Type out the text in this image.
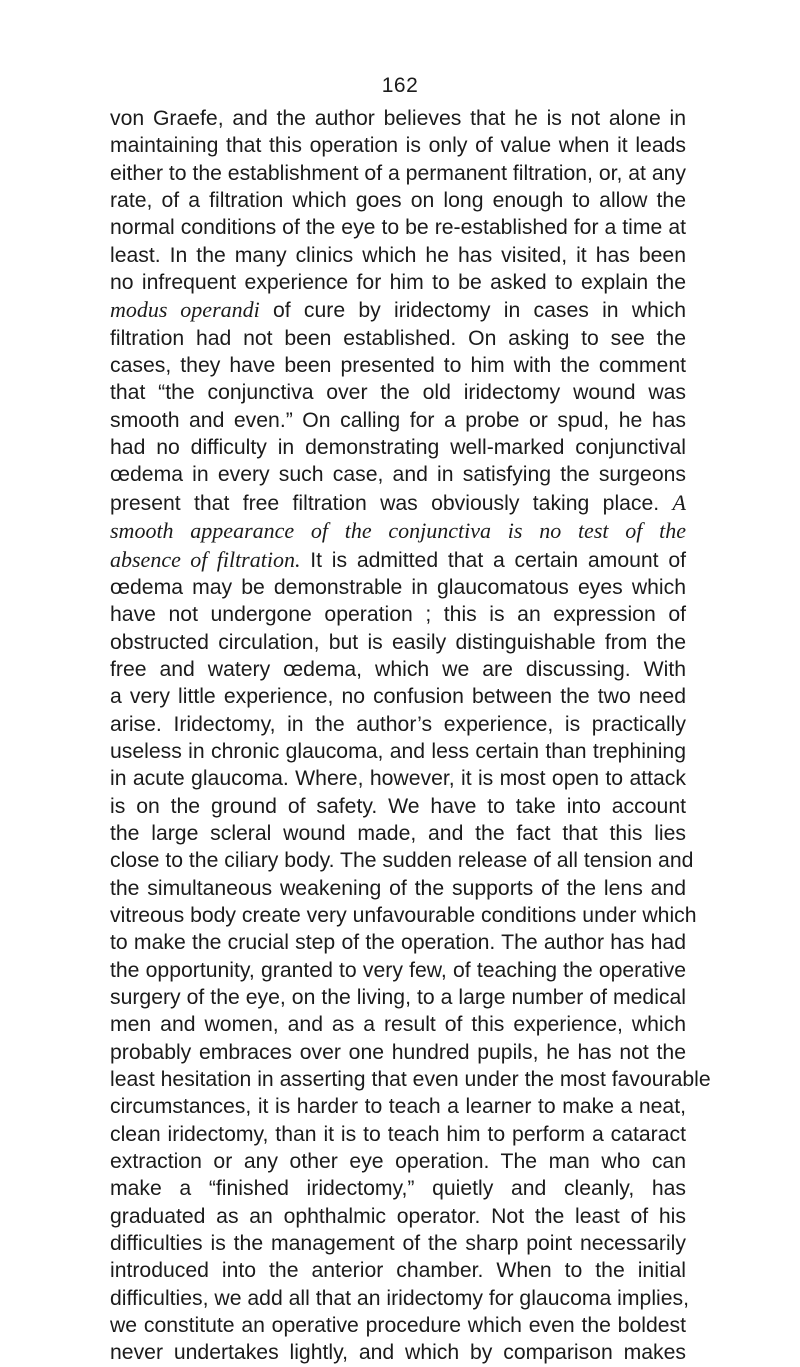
162
von Graefe, and the author believes that he is not alone in
maintaining that this operation is only of value when it leads
either to the establishment of a permanent filtration, or, at any
rate, of a filtration which goes on long enough to allow the
normal conditions of the eye to be re-established for a time at
least. In the many clinics which he has visited, it has been
no infrequent experience for him to be asked to explain the
modus operandi of cure by iridectomy in cases in which
filtration had not been established. On asking to see the
cases, they have been presented to him with the comment
that “the conjunctiva over the old iridectomy wound was
smooth and even.” On calling for a probe or spud, he has
had no difficulty in demonstrating well-marked conjunctival
œdema in every such case, and in satisfying the surgeons
present that free filtration was obviously taking place. A
smooth appearance of the conjunctiva is no test of the
absence of filtration. It is admitted that a certain amount of
œdema may be demonstrable in glaucomatous eyes which
have not undergone operation ; this is an expression of
obstructed circulation, but is easily distinguishable from the
free and watery œdema, which we are discussing. With
a very little experience, no confusion between the two need
arise. Iridectomy, in the author’s experience, is practically
useless in chronic glaucoma, and less certain than trephining
in acute glaucoma. Where, however, it is most open to attack
is on the ground of safety. We have to take into account
the large scleral wound made, and the fact that this lies
close to the ciliary body. The sudden release of all tension and
the simultaneous weakening of the supports of the lens and
vitreous body create very unfavourable conditions under which
to make the crucial step of the operation. The author has had
the opportunity, granted to very few, of teaching the operative
surgery of the eye, on the living, to a large number of medical
men and women, and as a result of this experience, which
probably embraces over one hundred pupils, he has not the
least hesitation in asserting that even under the most favourable
circumstances, it is harder to teach a learner to make a neat,
clean iridectomy, than it is to teach him to perform a cataract
extraction or any other eye operation. The man who can
make a “finished iridectomy,” quietly and cleanly, has
graduated as an ophthalmic operator. Not the least of his
difficulties is the management of the sharp point necessarily
introduced into the anterior chamber. When to the initial
difficulties, we add all that an iridectomy for glaucoma implies,
we constitute an operative procedure which even the boldest
never undertakes lightly, and which by comparison makes
